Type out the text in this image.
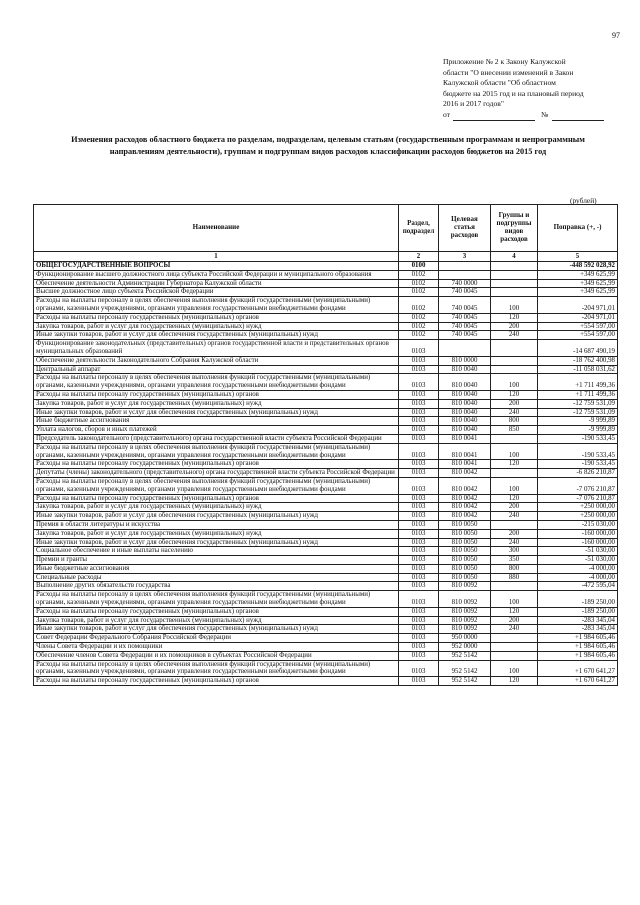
97
Приложение № 2 к Закону Калужской
области "О внесении изменений в Закон
Калужской области "Об областном
бюджете на 2015 год и на плановый период
2016 и 2017 годов"
от	№
Изменения расходов областного бюджета по разделам, подразделам, целевым статьям (государственным программам и непрограммным направлениям деятельности), группам и подгруппам видов расходов классификации расходов бюджетов на 2015 год
(рублей)
Наименование	Раздел, подраздел	Целевая статья расходов	Группы и подгруппы видов расходов	Поправка (+, -)
1	2	3	4	5
ОБЩЕГОСУДАРСТВЕННЫЕ ВОПРОСЫ	0100			-448 592 028,92
Функционирование высшего должностного лица субъекта Российской Федерации и муниципального образования	0102			+349 625,99
Обеспечение деятельности Администрации Губернатора Калужской области	0102	740 0000		+349 625,99
Высшее должностное лицо субъекта Российской Федерации	0102	740 0045		+349 625,99
Расходы на выплаты персоналу в целях обеспечения выполнения функций государственными (муниципальными) органами, казенными учреждениями, органами управления государственными внебюджетными фондами	0102	740 0045	100	-204 971,01
Расходы на выплаты персоналу государственных (муниципальных) органов	0102	740 0045	120	-204 971,01
Закупка товаров, работ и услуг для государственных (муниципальных) нужд	0102	740 0045	200	+554 597,00
Иные закупки товаров, работ и услуг для обеспечения государственных (муниципальных) нужд	0102	740 0045	240	+554 597,00
Функционирование законодательных (представительных) органов государственной власти и представительных органов муниципальных образований	0103			-14 687 490,19
Обеспечение деятельности Законодательного Собрания Калужской области	0103	810 0000		-18 762 400,98
Центральный аппарат	0103	810 0040		-11 058 031,62
Расходы на выплаты персоналу в целях обеспечения выполнения функций государственными (муниципальными) органами, казенными учреждениями, органами управления государственными внебюджетными фондами	0103	810 0040	100	+1 711 499,36
Расходы на выплаты персоналу государственных (муниципальных) органов	0103	810 0040	120	+1 711 499,36
Закупка товаров, работ и услуг для государственных (муниципальных) нужд	0103	810 0040	200	-12 759 531,09
Иные закупки товаров, работ и услуг для обеспечения государственных (муниципальных) нужд	0103	810 0040	240	-12 759 531,09
Иные бюджетные ассигнования	0103	810 0040	800	-9 999,89
Уплата налогов, сборов и иных платежей	0103	810 0040	850	-9 999,89
Председатель законодательного (представительного) органа государственной власти субъекта Российской Федерации	0103	810 0041		-190 533,45
Расходы на выплаты персоналу в целях обеспечения выполнения функций государственными (муниципальными) органами, казенными учреждениями, органами управления государственными внебюджетными фондами	0103	810 0041	100	-190 533,45
Расходы на выплаты персоналу государственных (муниципальных) органов	0103	810 0041	120	-190 533,45
Депутаты (члены) законодательного (представительного) органа государственной власти субъекта Российской Федерации	0103	810 0042		-6 826 210,87
Расходы на выплаты персоналу в целях обеспечения выполнения функций государственными (муниципальными) органами, казенными учреждениями, органами управления государственными внебюджетными фондами	0103	810 0042	100	-7 076 210,87
Расходы на выплаты персоналу государственных (муниципальных) органов	0103	810 0042	120	-7 076 210,87
Закупка товаров, работ и услуг для государственных (муниципальных) нужд	0103	810 0042	200	+250 000,00
Иные закупки товаров, работ и услуг для обеспечения государственных (муниципальных) нужд	0103	810 0042	240	+250 000,00
Премия в области литературы и искусства	0103	810 0050		-215 030,00
Закупка товаров, работ и услуг для государственных (муниципальных) нужд	0103	810 0050	200	-160 000,00
Иные закупки товаров, работ и услуг для обеспечения государственных (муниципальных) нужд	0103	810 0050	240	-160 000,00
Социальное обеспечение и иные выплаты населению	0103	810 0050	300	-51 030,00
Премии и гранты	0103	810 0050	350	-51 030,00
Иные бюджетные ассигнования	0103	810 0050	800	-4 000,00
Специальные расходы	0103	810 0050	880	-4 000,00
Выполнение других обязательств государства	0103	810 0092		-472 595,04
Расходы на выплаты персоналу в целях обеспечения выполнения функций государственными (муниципальными) органами, казенными учреждениями, органами управления государственными внебюджетными фондами	0103	810 0092	100	-189 250,00
Расходы на выплаты персоналу государственных (муниципальных) органов	0103	810 0092	120	-189 250,00
Закупка товаров, работ и услуг для государственных (муниципальных) нужд	0103	810 0092	200	-283 345,04
Иные закупки товаров, работ и услуг для обеспечения государственных (муниципальных) нужд	0103	810 0092	240	-283 345,04
Совет Федерации Федерального Собрания Российской Федерации	0103	950 0000		+1 984 605,46
Члены Совета Федерации и их помощники	0103	952 0000		+1 984 605,46
Обеспечение членов Совета Федерации и их помощников в субъектах Российской Федерации	0103	952 5142		+1 984 605,46
Расходы на выплаты персоналу в целях обеспечения выполнения функций государственными (муниципальными) органами, казенными учреждениями, органами управления государственными внебюджетными фондами	0103	952 5142	100	+1 670 641,27
Расходы на выплаты персоналу государственных (муниципальных) органов	0103	952 5142	120	+1 670 641,27
